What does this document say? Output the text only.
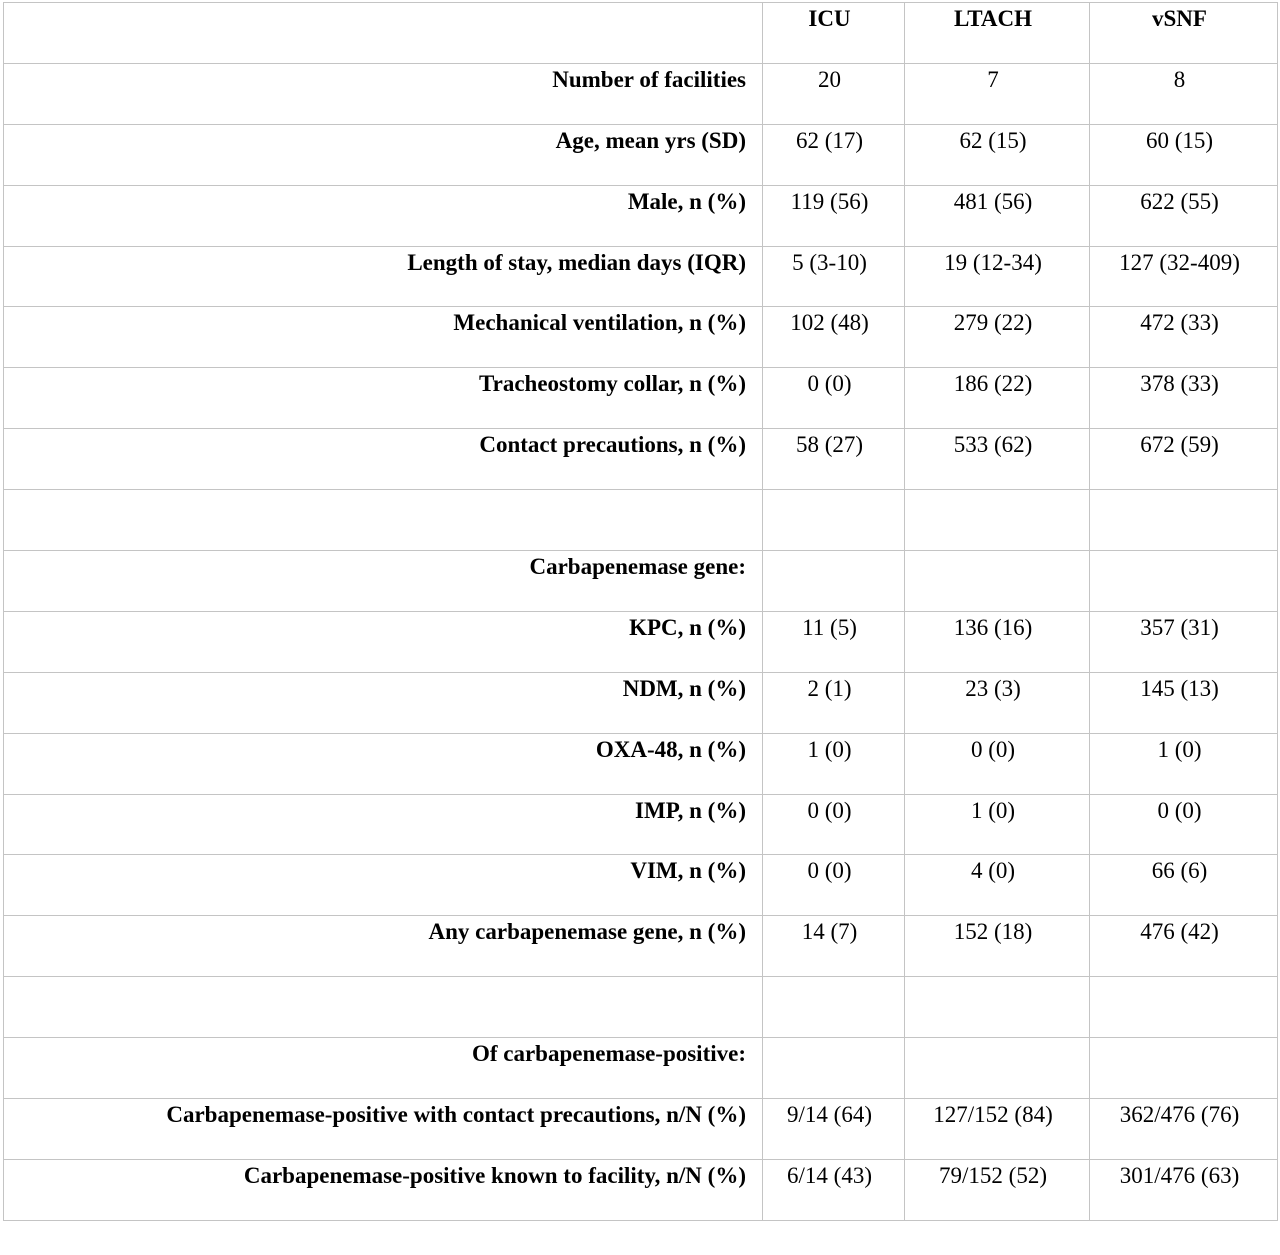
	ICU	LTACH	vSNF
Number of facilities	20	7	8
Age, mean yrs (SD)	62 (17)	62 (15)	60 (15)
Male, n (%)	119 (56)	481 (56)	622 (55)
Length of stay, median days (IQR)	5 (3-10)	19 (12-34)	127 (32-409)
Mechanical ventilation, n (%)	102 (48)	279 (22)	472 (33)
Tracheostomy collar, n (%)	0 (0)	186 (22)	378 (33)
Contact precautions, n (%)	58 (27)	533 (62)	672 (59)

Carbapenemase gene:			
KPC, n (%)	11 (5)	136 (16)	357 (31)
NDM, n (%)	2 (1)	23 (3)	145 (13)
OXA-48, n (%)	1 (0)	0 (0)	1 (0)
IMP, n (%)	0 (0)	1 (0)	0 (0)
VIM, n (%)	0 (0)	4 (0)	66 (6)
Any carbapenemase gene, n (%)	14 (7)	152 (18)	476 (42)

Of carbapenemase-positive:			
Carbapenemase-positive with contact precautions, n/N (%)	9/14 (64)	127/152 (84)	362/476 (76)
Carbapenemase-positive known to facility, n/N (%)	6/14 (43)	79/152 (52)	301/476 (63)
